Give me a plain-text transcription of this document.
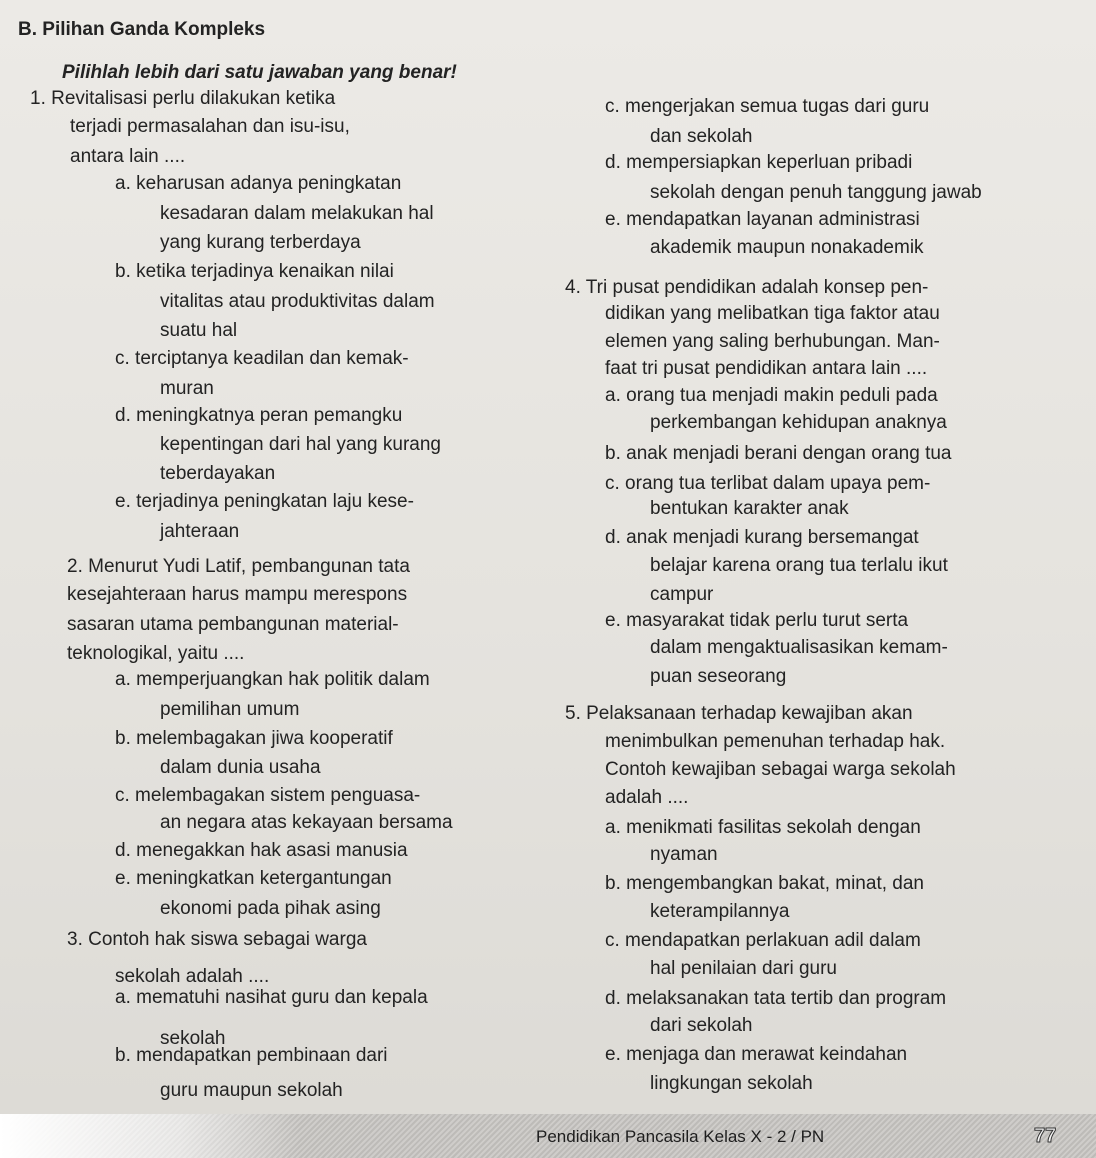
B. Pilihan Ganda Kompleks
Pilihlah lebih dari satu jawaban yang benar!
1. Revitalisasi perlu dilakukan ketika
terjadi permasalahan dan isu-isu,
antara lain ....
a. keharusan adanya peningkatan
kesadaran dalam melakukan hal
yang kurang terberdaya
b. ketika terjadinya kenaikan nilai
vitalitas atau produktivitas dalam
suatu hal
c. terciptanya keadilan dan kemak-
muran
d. meningkatnya peran pemangku
kepentingan dari hal yang kurang
teberdayakan
e. terjadinya peningkatan laju kese-
jahteraan
2. Menurut Yudi Latif, pembangunan tata
kesejahteraan harus mampu merespons
sasaran utama pembangunan material-
teknologikal, yaitu ....
a. memperjuangkan hak politik dalam
pemilihan umum
b. melembagakan jiwa kooperatif
dalam dunia usaha
c. melembagakan sistem penguasa-
an negara atas kekayaan bersama
d. menegakkan hak asasi manusia
e. meningkatkan ketergantungan
ekonomi pada pihak asing
3. Contoh hak siswa sebagai warga
sekolah adalah ....
a. mematuhi nasihat guru dan kepala
sekolah
b. mendapatkan pembinaan dari
guru maupun sekolah
c. mengerjakan semua tugas dari guru
dan sekolah
d. mempersiapkan keperluan pribadi
sekolah dengan penuh tanggung jawab
e. mendapatkan layanan administrasi
akademik maupun nonakademik
4. Tri pusat pendidikan adalah konsep pen-
didikan yang melibatkan tiga faktor atau
elemen yang saling berhubungan. Man-
faat tri pusat pendidikan antara lain ....
a. orang tua menjadi makin peduli pada
perkembangan kehidupan anaknya
b. anak menjadi berani dengan orang tua
c. orang tua terlibat dalam upaya pem-
bentukan karakter anak
d. anak menjadi kurang bersemangat
belajar karena orang tua terlalu ikut
campur
e. masyarakat tidak perlu turut serta
dalam mengaktualisasikan kemam-
puan seseorang
5. Pelaksanaan terhadap kewajiban akan
menimbulkan pemenuhan terhadap hak.
Contoh kewajiban sebagai warga sekolah
adalah ....
a. menikmati fasilitas sekolah dengan
nyaman
b. mengembangkan bakat, minat, dan
keterampilannya
c. mendapatkan perlakuan adil dalam
hal penilaian dari guru
d. melaksanakan tata tertib dan program
dari sekolah
e. menjaga dan merawat keindahan
lingkungan sekolah
Pendidikan Pancasila Kelas X - 2 / PN	77
